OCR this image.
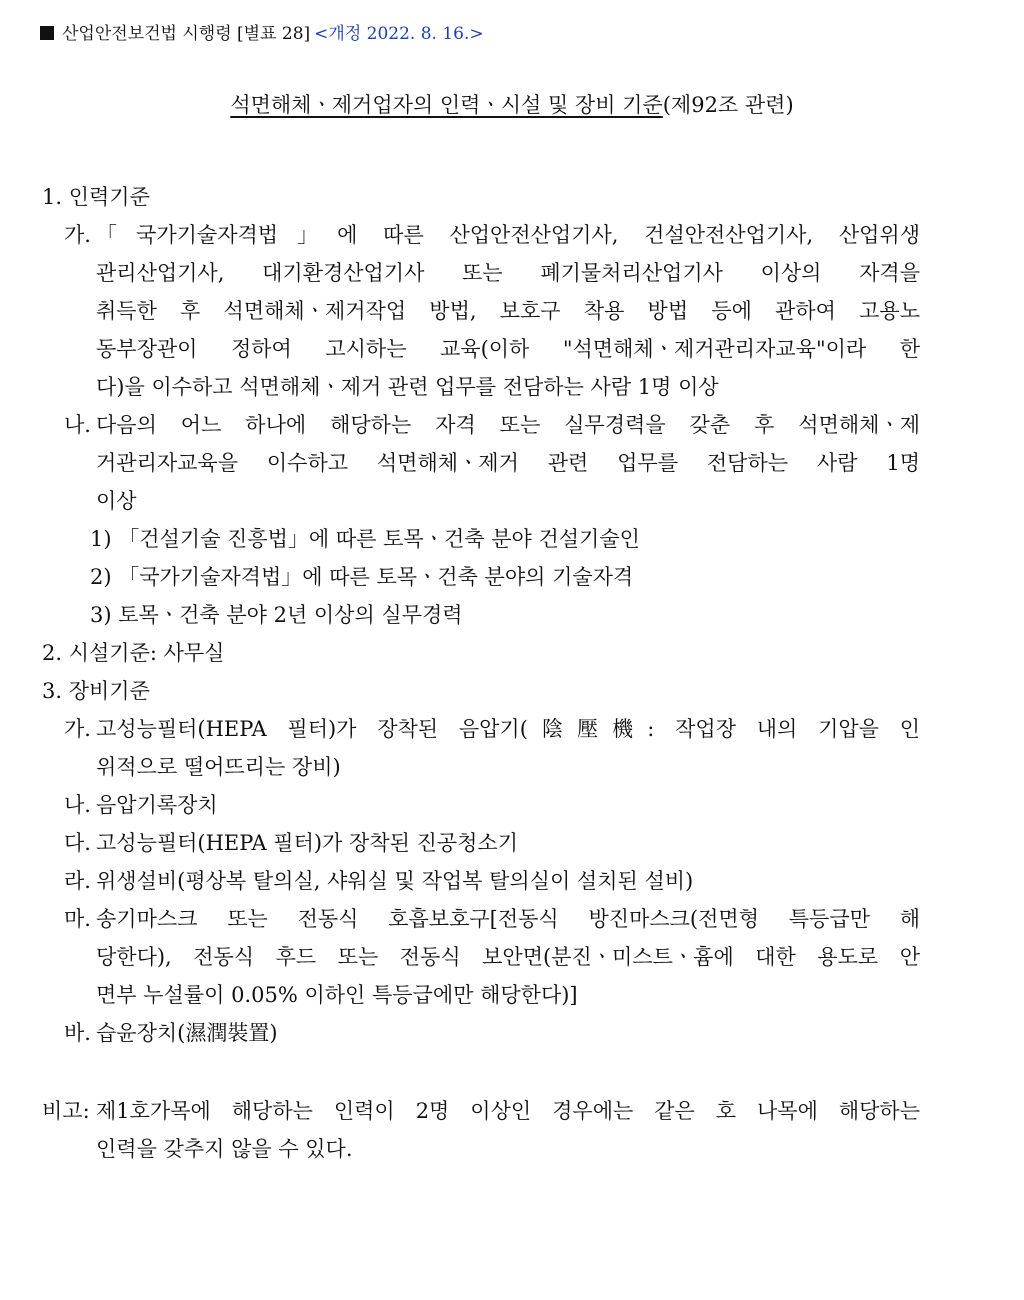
산업안전보건법 시행령 [별표 28] <개정 2022. 8. 16.>
석면해체ㆍ제거업자의 인력ㆍ시설 및 장비 기준(제92조 관련)
1. 인력기준
가. 「국가기술자격법」에 따른 산업안전산업기사, 건설안전산업기사, 산업위생
관리산업기사, 대기환경산업기사 또는 폐기물처리산업기사 이상의 자격을
취득한 후 석면해체ㆍ제거작업 방법, 보호구 착용 방법 등에 관하여 고용노
동부장관이 정하여 고시하는 교육(이하 "석면해체ㆍ제거관리자교육"이라 한
다)을 이수하고 석면해체ㆍ제거 관련 업무를 전담하는 사람 1명 이상
나. 다음의 어느 하나에 해당하는 자격 또는 실무경력을 갖춘 후 석면해체ㆍ제
거관리자교육을 이수하고 석면해체ㆍ제거 관련 업무를 전담하는 사람 1명
이상
1) 「건설기술 진흥법」에 따른 토목ㆍ건축 분야 건설기술인
2) 「국가기술자격법」에 따른 토목ㆍ건축 분야의 기술자격
3) 토목ㆍ건축 분야 2년 이상의 실무경력
2. 시설기준: 사무실
3. 장비기준
가. 고성능필터(HEPA 필터)가 장착된 음압기(陰壓機: 작업장 내의 기압을 인
위적으로 떨어뜨리는 장비)
나. 음압기록장치
다. 고성능필터(HEPA 필터)가 장착된 진공청소기
라. 위생설비(평상복 탈의실, 샤워실 및 작업복 탈의실이 설치된 설비)
마. 송기마스크 또는 전동식 호흡보호구[전동식 방진마스크(전면형 특등급만 해
당한다), 전동식 후드 또는 전동식 보안면(분진ㆍ미스트ㆍ흄에 대한 용도로 안
면부 누설률이 0.05% 이하인 특등급에만 해당한다)]
바. 습윤장치(濕潤裝置)
비고: 제1호가목에 해당하는 인력이 2명 이상인 경우에는 같은 호 나목에 해당하는
인력을 갖추지 않을 수 있다.
